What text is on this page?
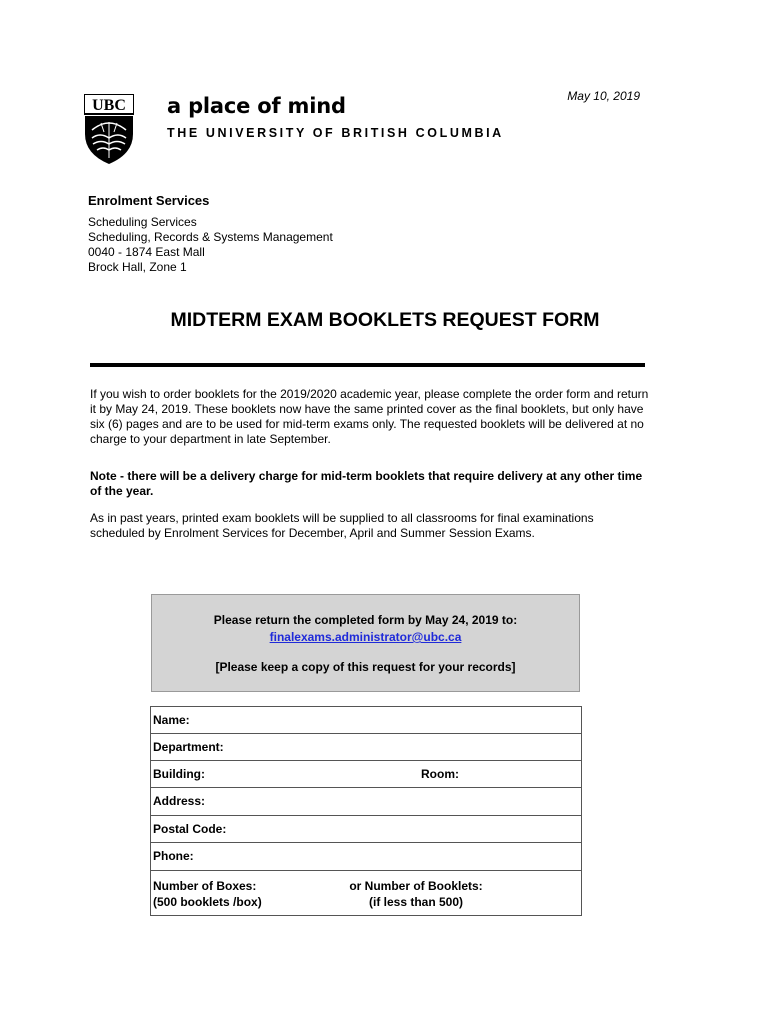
May 10, 2019
UBC a place of mind
THE UNIVERSITY OF BRITISH COLUMBIA
Enrolment Services
Scheduling Services
Scheduling, Records & Systems Management
0040 - 1874 East Mall
Brock Hall, Zone 1
MIDTERM EXAM BOOKLETS REQUEST FORM
If you wish to order booklets for the 2019/2020 academic year, please complete the order form and return it by May 24, 2019. These booklets now have the same printed cover as the final booklets, but only have six (6) pages and are to be used for mid-term exams only. The requested booklets will be delivered at no charge to your department in late September.
Note - there will be a delivery charge for mid-term booklets that require delivery at any other time of the year.
As in past years, printed exam booklets will be supplied to all classrooms for final examinations scheduled by Enrolment Services for December, April and Summer Session Exams.
Please return the completed form by May 24, 2019 to:
finalexams.administrator@ubc.ca
[Please keep a copy of this request for your records]
Name:
Department:
Building:	Room:
Address:
Postal Code:
Phone:
Number of Boxes:
(500 booklets /box)
or Number of Booklets:
(if less than 500)
